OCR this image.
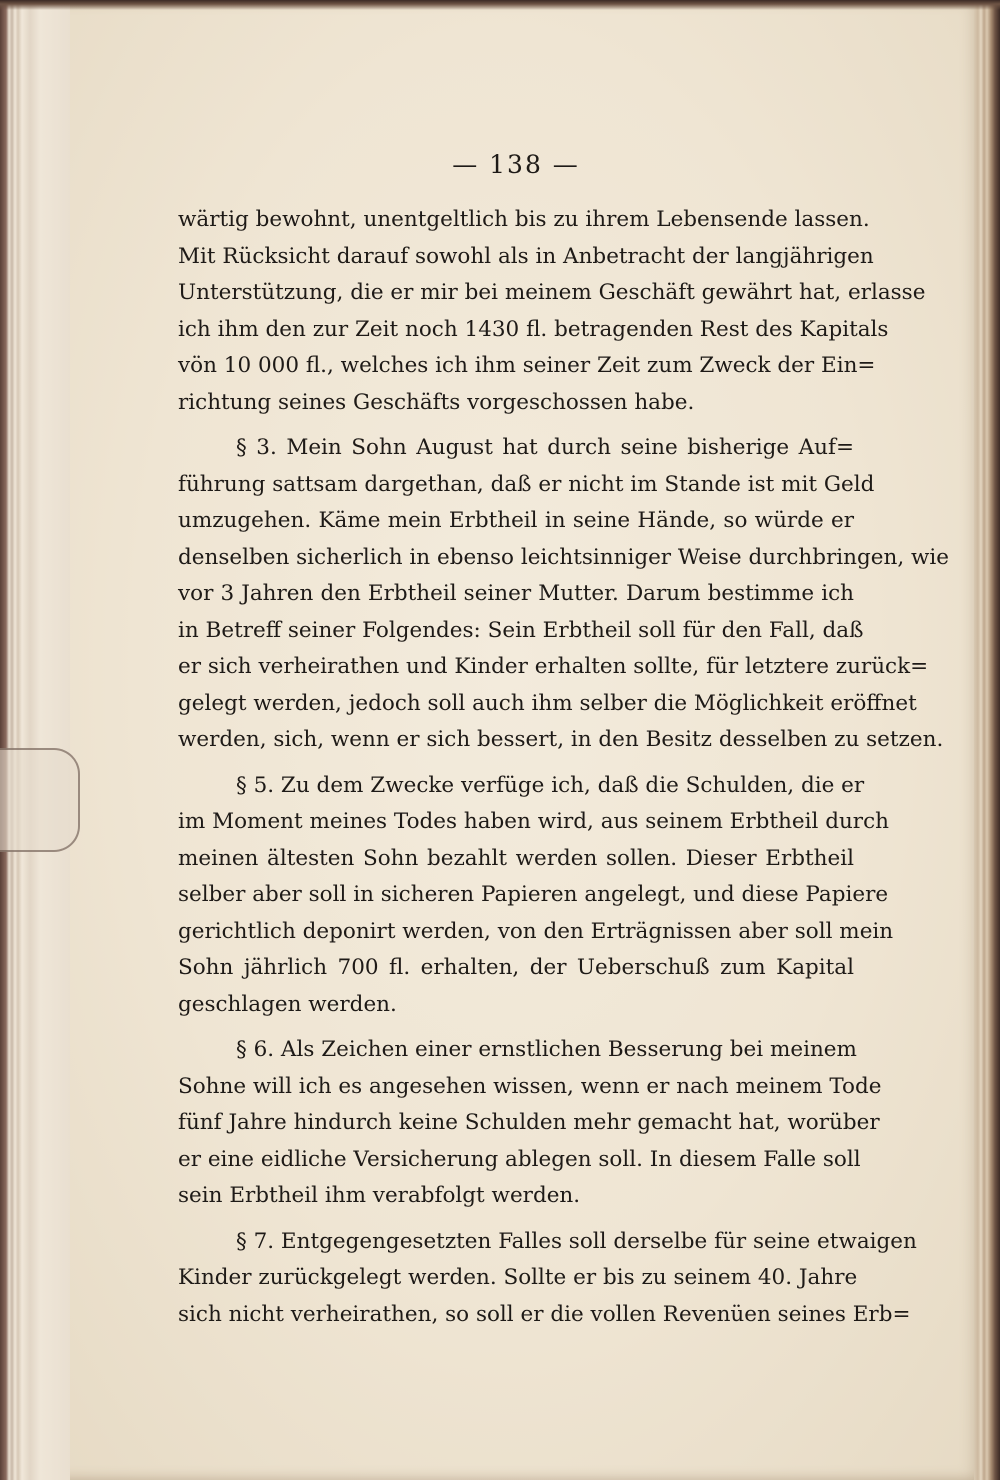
— 138 —
wärtig bewohnt, unentgeltlich bis zu ihrem Lebensende lassen.
Mit Rücksicht darauf sowohl als in Anbetracht der langjährigen
Unterstützung, die er mir bei meinem Geschäft gewährt hat, erlasse
ich ihm den zur Zeit noch 1430 fl. betragenden Rest des Kapitals
vön 10 000 fl., welches ich ihm seiner Zeit zum Zweck der Ein=
richtung seines Geschäfts vorgeschossen habe.
§ 3. Mein Sohn August hat durch seine bisherige Auf=
führung sattsam dargethan, daß er nicht im Stande ist mit Geld
umzugehen. Käme mein Erbtheil in seine Hände, so würde er
denselben sicherlich in ebenso leichtsinniger Weise durchbringen, wie
vor 3 Jahren den Erbtheil seiner Mutter. Darum bestimme ich
in Betreff seiner Folgendes: Sein Erbtheil soll für den Fall, daß
er sich verheirathen und Kinder erhalten sollte, für letztere zurück=
gelegt werden, jedoch soll auch ihm selber die Möglichkeit eröffnet
werden, sich, wenn er sich bessert, in den Besitz desselben zu setzen.
§ 5. Zu dem Zwecke verfüge ich, daß die Schulden, die er
im Moment meines Todes haben wird, aus seinem Erbtheil durch
meinen ältesten Sohn bezahlt werden sollen. Dieser Erbtheil
selber aber soll in sicheren Papieren angelegt, und diese Papiere
gerichtlich deponirt werden, von den Erträgnissen aber soll mein
Sohn jährlich 700 fl. erhalten, der Ueberschuß zum Kapital
geschlagen werden.
§ 6. Als Zeichen einer ernstlichen Besserung bei meinem
Sohne will ich es angesehen wissen, wenn er nach meinem Tode
fünf Jahre hindurch keine Schulden mehr gemacht hat, worüber
er eine eidliche Versicherung ablegen soll. In diesem Falle soll
sein Erbtheil ihm verabfolgt werden.
§ 7. Entgegengesetzten Falles soll derselbe für seine etwaigen
Kinder zurückgelegt werden. Sollte er bis zu seinem 40. Jahre
sich nicht verheirathen, so soll er die vollen Revenüen seines Erb=
